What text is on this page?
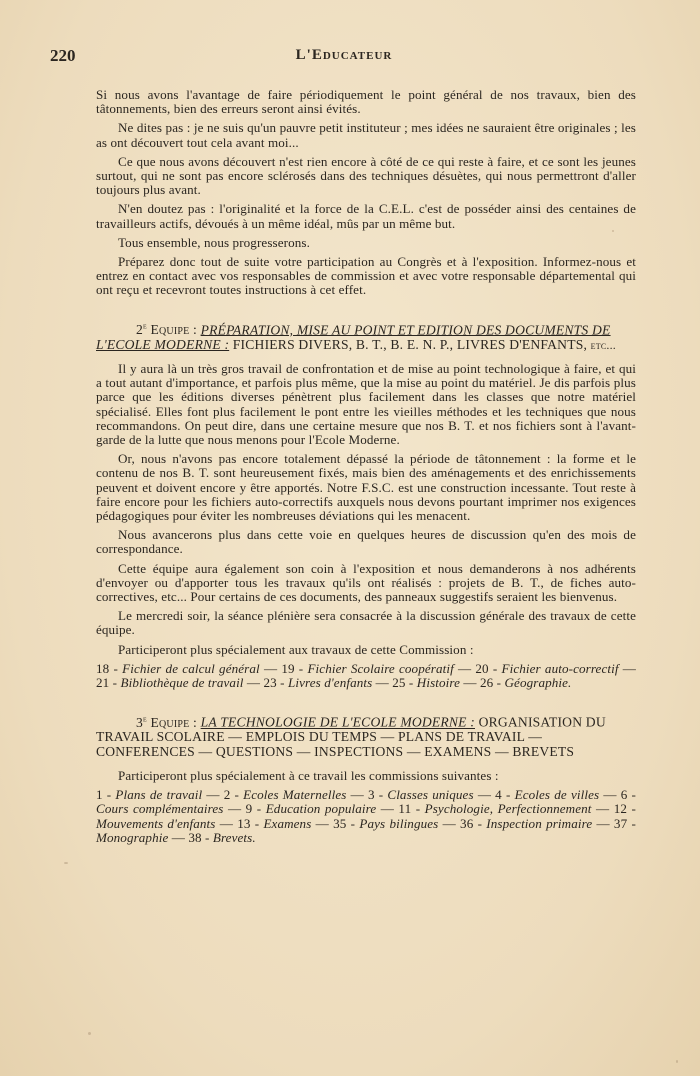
220	L'Educateur

Si nous avons l'avantage de faire périodiquement le point général de nos travaux, bien des tâtonnements, bien des erreurs seront ainsi évités.

Ne dites pas : je ne suis qu'un pauvre petit instituteur ; mes idées ne sauraient être originales ; les as ont découvert tout cela avant moi...

Ce que nous avons découvert n'est rien encore à côté de ce qui reste à faire, et ce sont les jeunes surtout, qui ne sont pas encore sclérosés dans des techniques désuètes, qui nous permettront d'aller toujours plus avant.

N'en doutez pas : l'originalité et la force de la C.E.L. c'est de posséder ainsi des centaines de travailleurs actifs, dévoués à un même idéal, mûs par un même but.

Tous ensemble, nous progresserons.

Préparez donc tout de suite votre participation au Congrès et à l'exposition. Informez-nous et entrez en contact avec vos responsables de commission et avec votre responsable départemental qui ont reçu et recevront toutes instructions à cet effet.

2e Equipe : PRÉPARATION, MISE AU POINT ET EDITION DES DOCUMENTS DE L'ECOLE MODERNE : FICHIERS DIVERS, B. T., B. E. N. P., LIVRES D'ENFANTS, etc...

Il y aura là un très gros travail de confrontation et de mise au point technologique à faire, et qui a tout autant d'importance, et parfois plus même, que la mise au point du matériel. Je dis parfois plus parce que les éditions diverses pénètrent plus facilement dans les classes que notre matériel spécialisé. Elles font plus facilement le pont entre les vieilles méthodes et les techniques que nous recommandons. On peut dire, dans une certaine mesure que nos B. T. et nos fichiers sont à l'avant-garde de la lutte que nous menons pour l'Ecole Moderne.

Or, nous n'avons pas encore totalement dépassé la période de tâtonnement : la forme et le contenu de nos B. T. sont heureusement fixés, mais bien des aménagements et des enrichissements peuvent et doivent encore y être apportés. Notre F.S.C. est une construction incessante. Tout reste à faire encore pour les fichiers auto-correctifs auxquels nous devons pourtant imprimer nos exigences pédagogiques pour éviter les nombreuses déviations qui les menacent.

Nous avancerons plus dans cette voie en quelques heures de discussion qu'en des mois de correspondance.

Cette équipe aura également son coin à l'exposition et nous demanderons à nos adhérents d'envoyer ou d'apporter tous les travaux qu'ils ont réalisés : projets de B. T., de fiches auto-correctives, etc... Pour certains de ces documents, des panneaux suggestifs seraient les bienvenus.

Le mercredi soir, la séance plénière sera consacrée à la discussion générale des travaux de cette équipe.

Participeront plus spécialement aux travaux de cette Commission :

18 - Fichier de calcul général — 19 - Fichier Scolaire coopératif — 20 - Fichier auto-correctif — 21 - Bibliothèque de travail — 23 - Livres d'enfants — 25 - Histoire — 26 - Géographie.

3e Equipe : LA TECHNOLOGIE DE L'ECOLE MODERNE : ORGANISATION DU TRAVAIL SCOLAIRE — EMPLOIS DU TEMPS — PLANS DE TRAVAIL — CONFERENCES — QUESTIONS — INSPECTIONS — EXAMENS — BREVETS

Participeront plus spécialement à ce travail les commissions suivantes :

1 - Plans de travail — 2 - Ecoles Maternelles — 3 - Classes uniques — 4 - Ecoles de villes — 6 - Cours complémentaires — 9 - Education populaire — 11 - Psychologie, Perfectionnement — 12 - Mouvements d'enfants — 13 - Examens — 35 - Pays bilingues — 36 - Inspection primaire — 37 - Monographie — 38 - Brevets.
